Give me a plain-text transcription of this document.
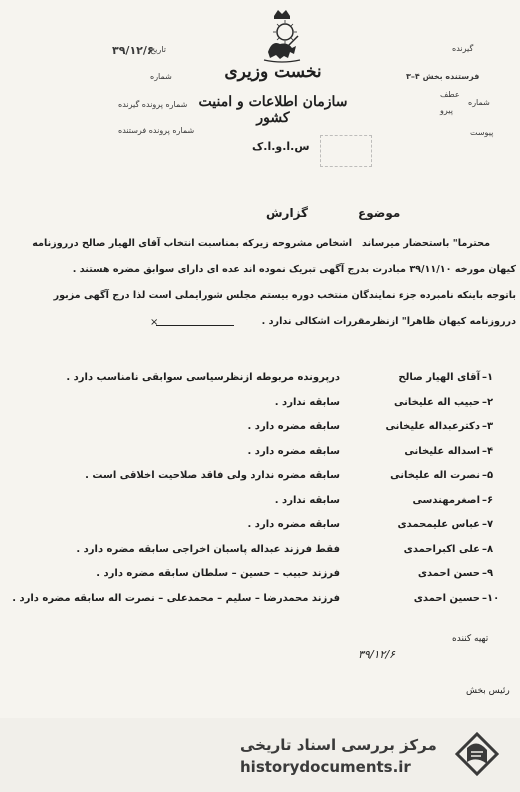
۳۹/۱۲/۶
تاریخ
شماره
شماره پرونده گیرنده
شماره پرونده فرستنده
گیرنده
فرستنده بخش ۴–۳
عطف
شماره
پیرو
پیوست
نخست وزیری
سازمان اطلاعات و امنیت کشور
س.ا.و.ا.ک
موضوع
گزارش
محترما" باستحضار میرساند
اشخاص مشروحه زیرکه بمناسبت انتخاب آقای الهیار صالح درروزنامه
کیهان مورخه ۳۹/۱۱/۱۰ مبادرت بدرج آگهی تبریک نموده اند عده ای دارای سوابق مضره هستند .
باتوجه باینکه نامبرده جزء نمایندگان منتخب دوره بیستم مجلس شورایملی است لذا درج آگهی مزبور
درروزنامه کیهان ظاهرا" ازنظرمقررات اشکالی ندارد .
×
۱–
آقای الهیار صالح
درپرونده مربوطه ازنظرسیاسی سوابقی نامناسب دارد .
۲–
حبیب اله علیخانی
سابقه ندارد .
۳–
دکترعبداله علیخانی
سابقه مضره دارد .
۴–
اسداله علیخانی
سابقه مضره دارد .
۵–
نصرت اله علیخانی
سابقه مضره ندارد ولی فاقد صلاحیت اخلاقی است .
۶–
اصغرمهندسی
سابقه ندارد .
۷–
عباس علیمحمدی
سابقه مضره دارد .
۸–
علی اکبراحمدی
فقط فرزند عبداله پاسبان اخراجی سابقه مضره دارد .
۹–
حسن احمدی
فرزند حبیب – حسین – سلطان سابقه مضره دارد .
۱۰–
حسین احمدی
فرزند محمدرضا – سلیم – محمدعلی – نصرت اله سابقه مضره دارد .
تهیه کننده
۳۹/۱۲/۶
رئیس بخش
مرکز بررسی اسناد تاریخی
historydocuments.ir
